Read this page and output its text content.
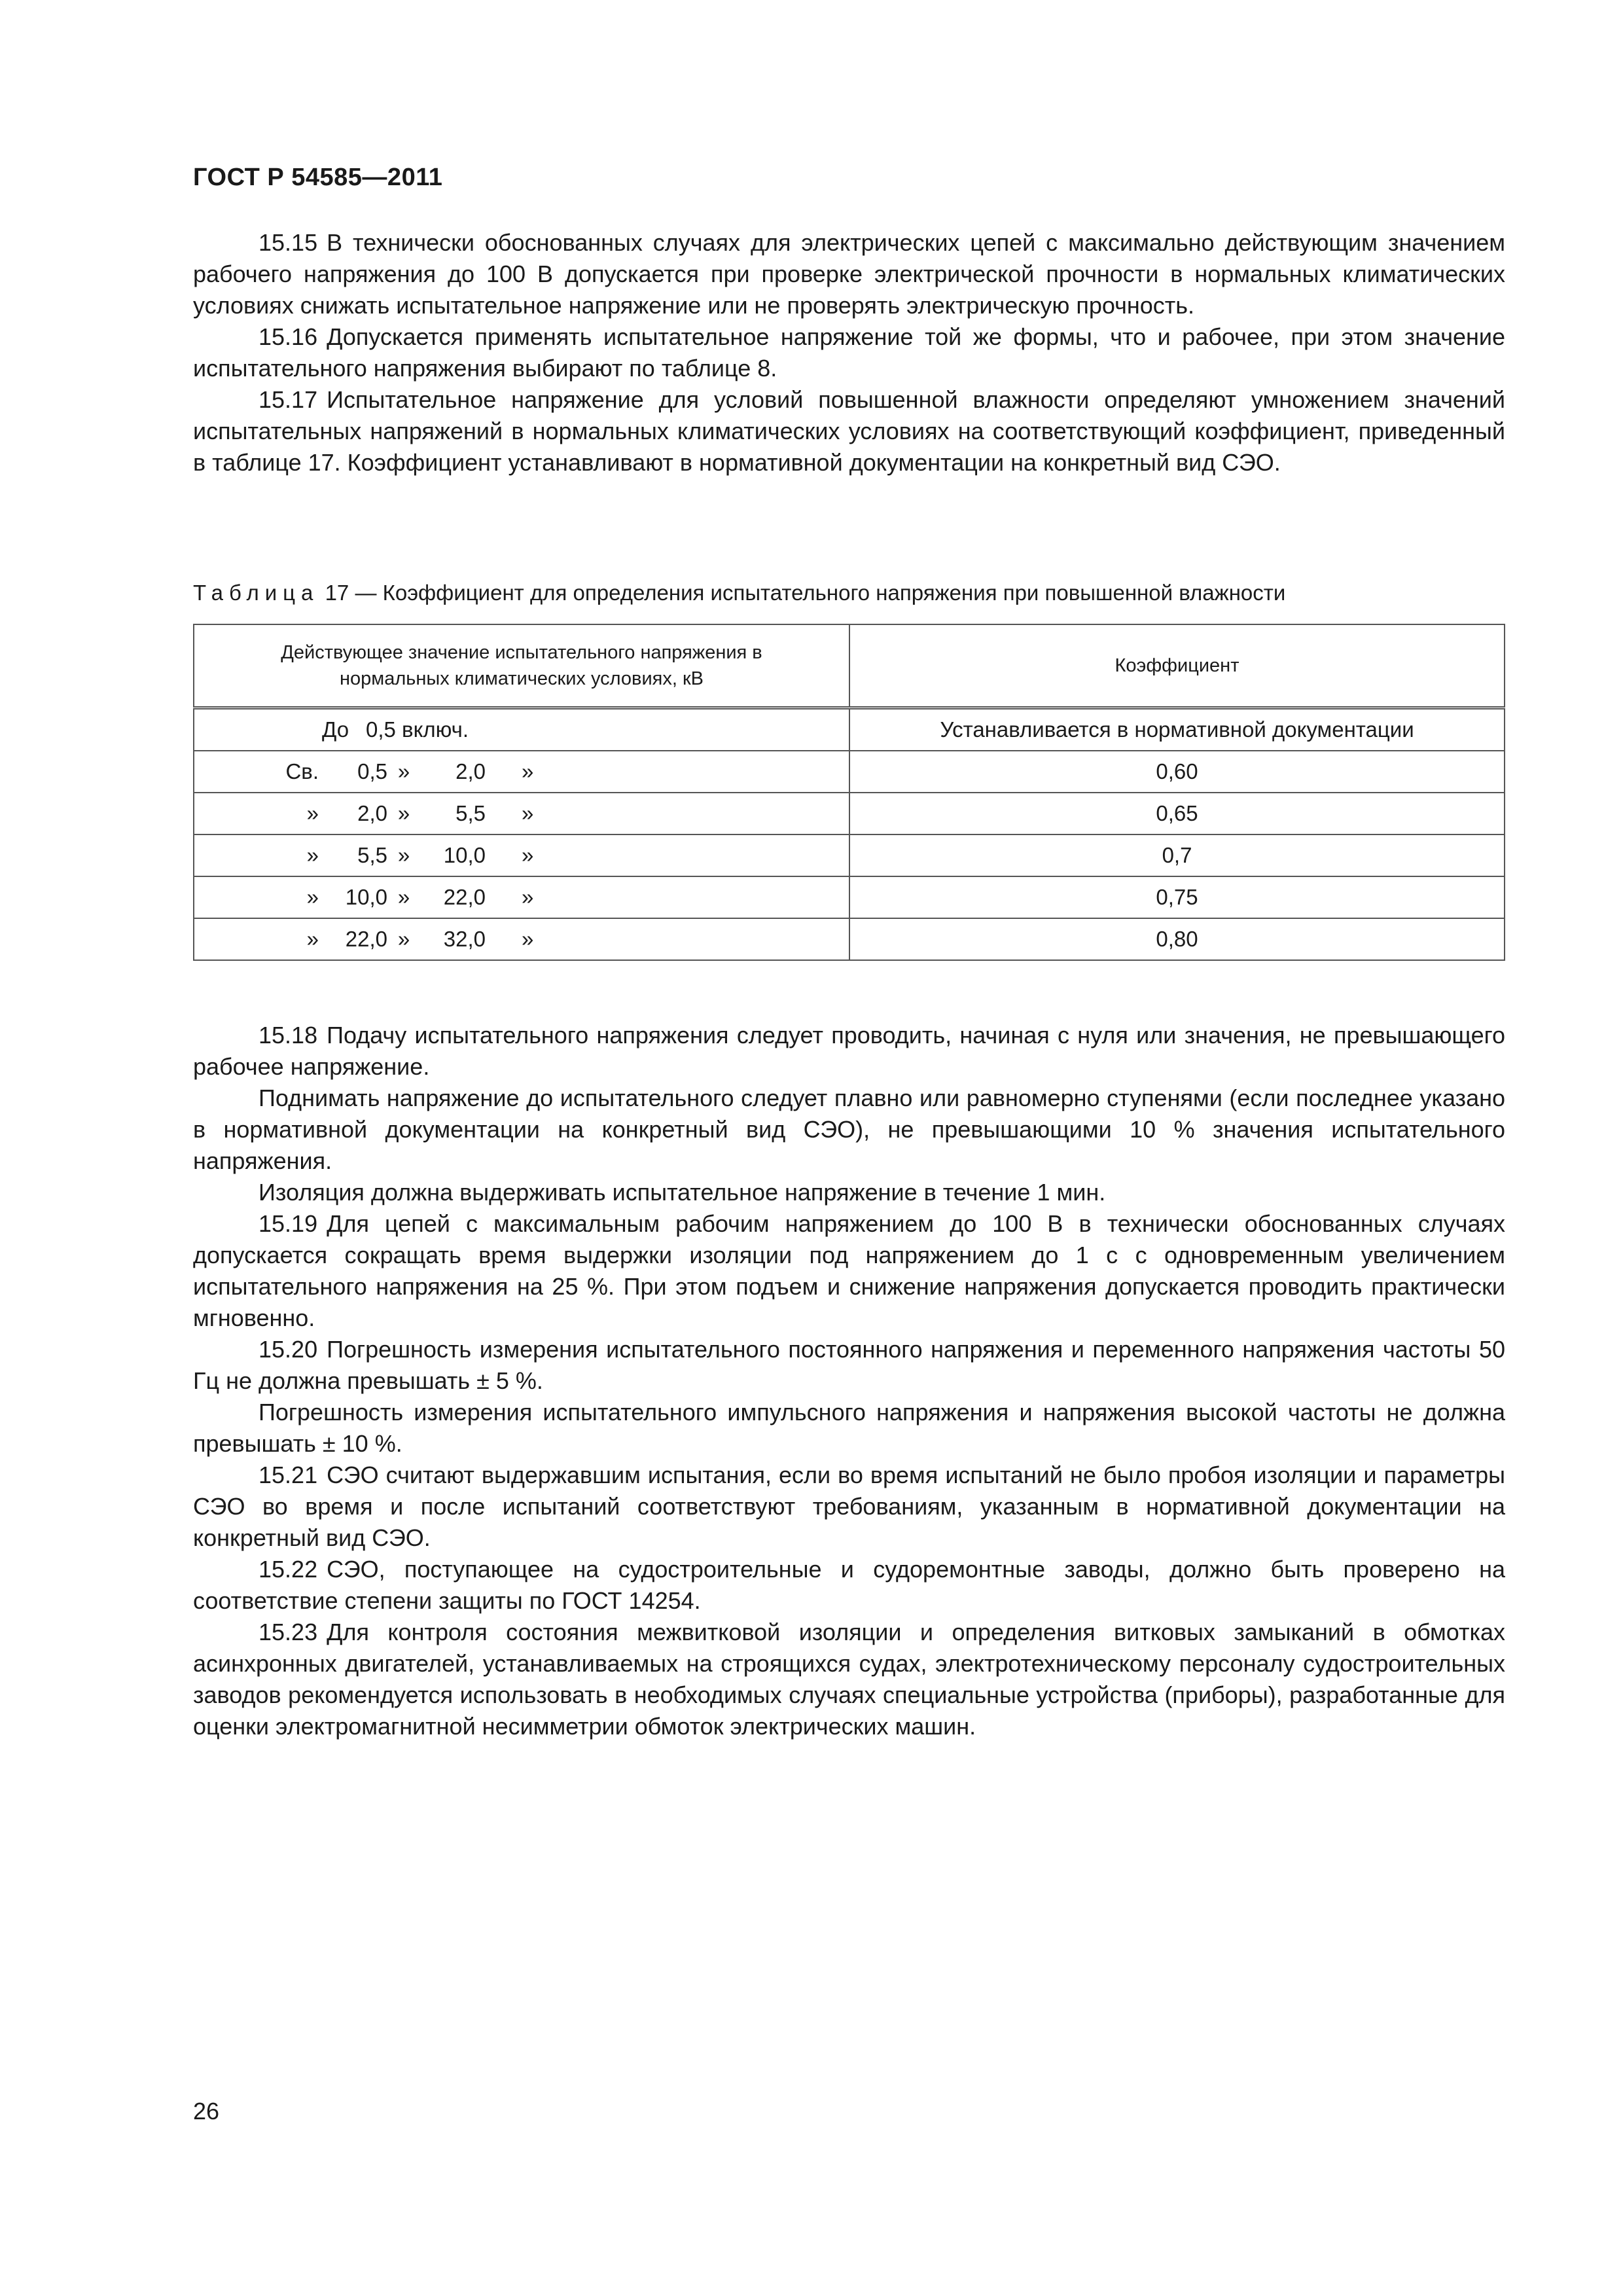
ГОСТ Р 54585—2011

15.15 В технически обоснованных случаях для электрических цепей с максимально действующим значением рабочего напряжения до 100 В допускается при проверке электрической прочности в нормальных климатических условиях снижать испытательное напряжение или не проверять электрическую прочность.

15.16 Допускается применять испытательное напряжение той же формы, что и рабочее, при этом значение испытательного напряжения выбирают по таблице 8.

15.17 Испытательное напряжение для условий повышенной влажности определяют умножением значений испытательных напряжений в нормальных климатических условиях на соответствующий коэффициент, приведенный в таблице 17. Коэффициент устанавливают в нормативной документации на конкретный вид СЭО.

Таблица 17 — Коэффициент для определения испытательного напряжения при повышенной влажности
Действующее значение испытательного напряжения в нормальных климатических условиях, кВ	Коэффициент

До 0,5 включ.	Устанавливается в нормативной документации

Св. 0,5 » 2,0 »	0,60

» 2,0 » 5,5 »	0,65

» 5,5 » 10,0 »	0,7

» 10,0 » 22,0 »	0,75

» 22,0 » 32,0 »	0,80

15.18 Подачу испытательного напряжения следует проводить, начиная с нуля или значения, не превышающего рабочее напряжение.

Поднимать напряжение до испытательного следует плавно или равномерно ступенями (если последнее указано в нормативной документации на конкретный вид СЭО), не превышающими 10 % значения испытательного напряжения.

Изоляция должна выдерживать испытательное напряжение в течение 1 мин.

15.19 Для цепей с максимальным рабочим напряжением до 100 В в технически обоснованных случаях допускается сокращать время выдержки изоляции под напряжением до 1 с с одновременным увеличением испытательного напряжения на 25 %. При этом подъем и снижение напряжения допускается проводить практически мгновенно.

15.20 Погрешность измерения испытательного постоянного напряжения и переменного напряжения частоты 50 Гц не должна превышать ± 5 %.

Погрешность измерения испытательного импульсного напряжения и напряжения высокой частоты не должна превышать ± 10 %.

15.21 СЭО считают выдержавшим испытания, если во время испытаний не было пробоя изоляции и параметры СЭО во время и после испытаний соответствуют требованиям, указанным в нормативной документации на конкретный вид СЭО.

15.22 СЭО, поступающее на судостроительные и судоремонтные заводы, должно быть проверено на соответствие степени защиты по ГОСТ 14254.

15.23 Для контроля состояния межвитковой изоляции и определения витковых замыканий в обмотках асинхронных двигателей, устанавливаемых на строящихся судах, электротехническому персоналу судостроительных заводов рекомендуется использовать в необходимых случаях специальные устройства (приборы), разработанные для оценки электромагнитной несимметрии обмоток электрических машин.

26
